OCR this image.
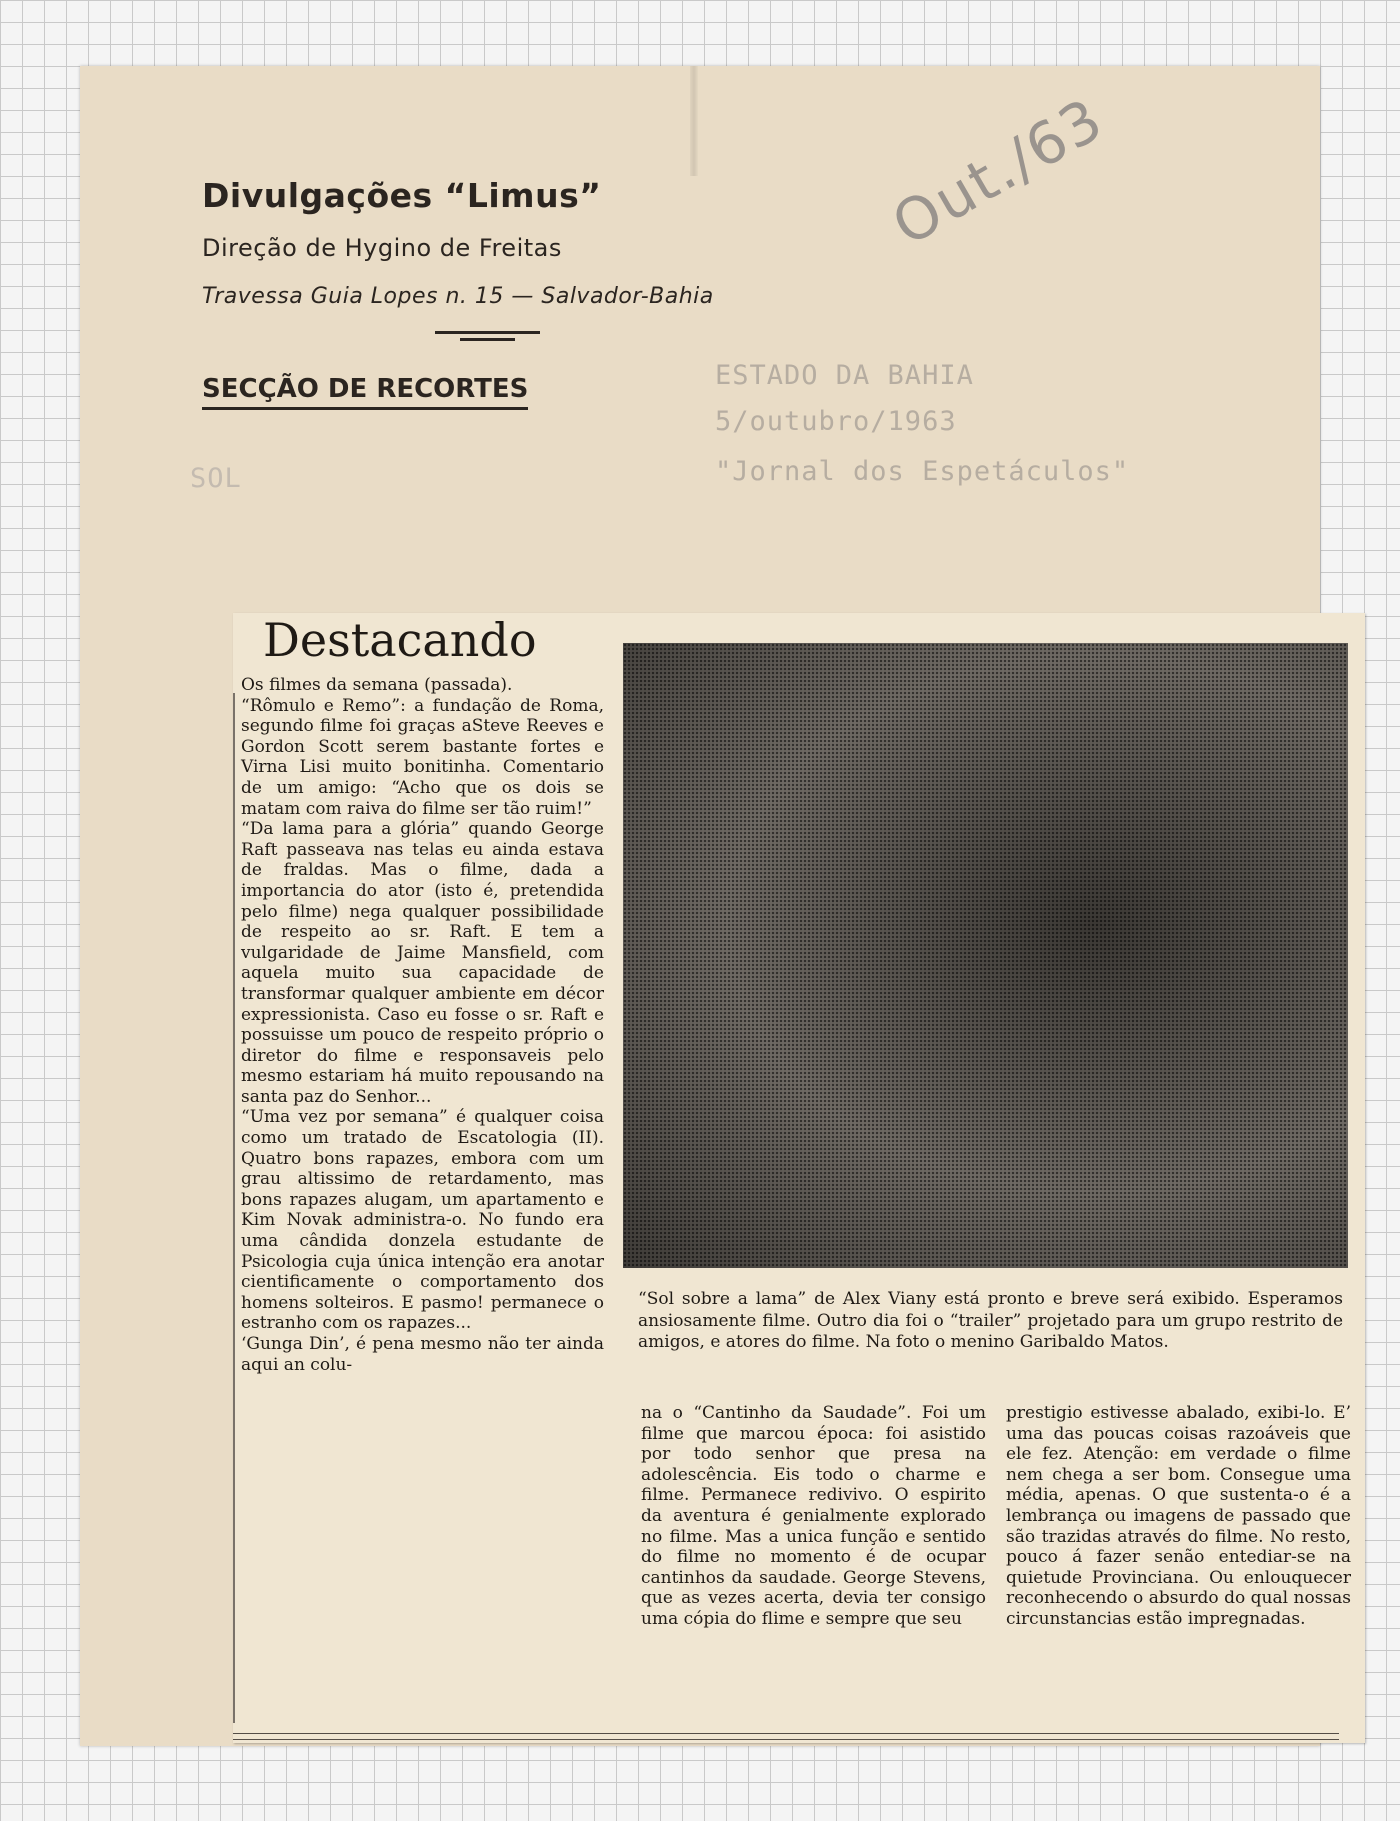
Divulgações “Limus”
Direção de Hygino de Freitas
Travessa Guia Lopes n. 15 — Salvador-Bahia
SECÇÃO DE RECORTES
Out./63
ESTADO DA BAHIA
5/outubro/1963
"Jornal dos Espetáculos"
SOL
Destacando

Os filmes da semana (passada).

“Rômulo e Remo”: a fundação de Roma, segundo filme foi graças aSteve Reeves e Gordon Scott serem bastante fortes e Virna Lisi muito bonitinha. Comentario de um amigo: “Acho que os dois se matam com raiva do filme ser tão ruim!”

“Da lama para a glória” quando George Raft passeava nas telas eu ainda estava de fraldas. Mas o filme, dada a importancia do ator (isto é, pretendida pelo filme) nega qualquer possibilidade de respeito ao sr. Raft. E tem a vulgaridade de Jaime Mansfield, com aquela muito sua capacidade de transformar qualquer ambiente em décor expressionista. Caso eu fosse o sr. Raft e possuisse um pouco de respeito próprio o diretor do filme e responsaveis pelo mesmo estariam há muito repousando na santa paz do Senhor...

“Uma vez por semana” é qualquer coisa como um tratado de Escatologia (II). Quatro bons rapazes, embora com um grau altissimo de retardamento, mas bons rapazes alugam, um apartamento e Kim Novak administra-o. No fundo era uma cândida donzela estudante de Psicologia cuja única intenção era anotar cientificamente o comportamento dos homens solteiros. E pasmo! permanece o estranho com os rapazes...

‘Gunga Din’, é pena mesmo não ter ainda aqui an colu-

“Sol sobre a lama” de Alex Viany está pronto e breve será exibido. Esperamos ansiosamente filme. Outro dia foi o “trailer” projetado para um grupo restrito de amigos, e atores do filme. Na foto o menino Garibaldo Matos.

na o “Cantinho da Saudade”. Foi um filme que marcou época: foi asistido por todo senhor que presa na adolescência. Eis todo o charme e filme. Permanece redivivo. O espirito da aventura é genialmente explorado no filme. Mas a unica função e sentido do filme no momento é de ocupar cantinhos da saudade. George Stevens, que as vezes acerta, devia ter consigo uma cópia do flime e sempre que seu

prestigio estivesse abalado, exibi-lo. E’ uma das poucas coisas razoáveis que ele fez. Atenção: em verdade o filme nem chega a ser bom. Consegue uma média, apenas. O que sustenta-o é a lembrança ou imagens de passado que são trazidas através do filme. No resto, pouco á fazer senão entediar-se na quietude Provinciana. Ou enlouquecer reconhecendo o absurdo do qual nossas circunstancias estão impregnadas.
